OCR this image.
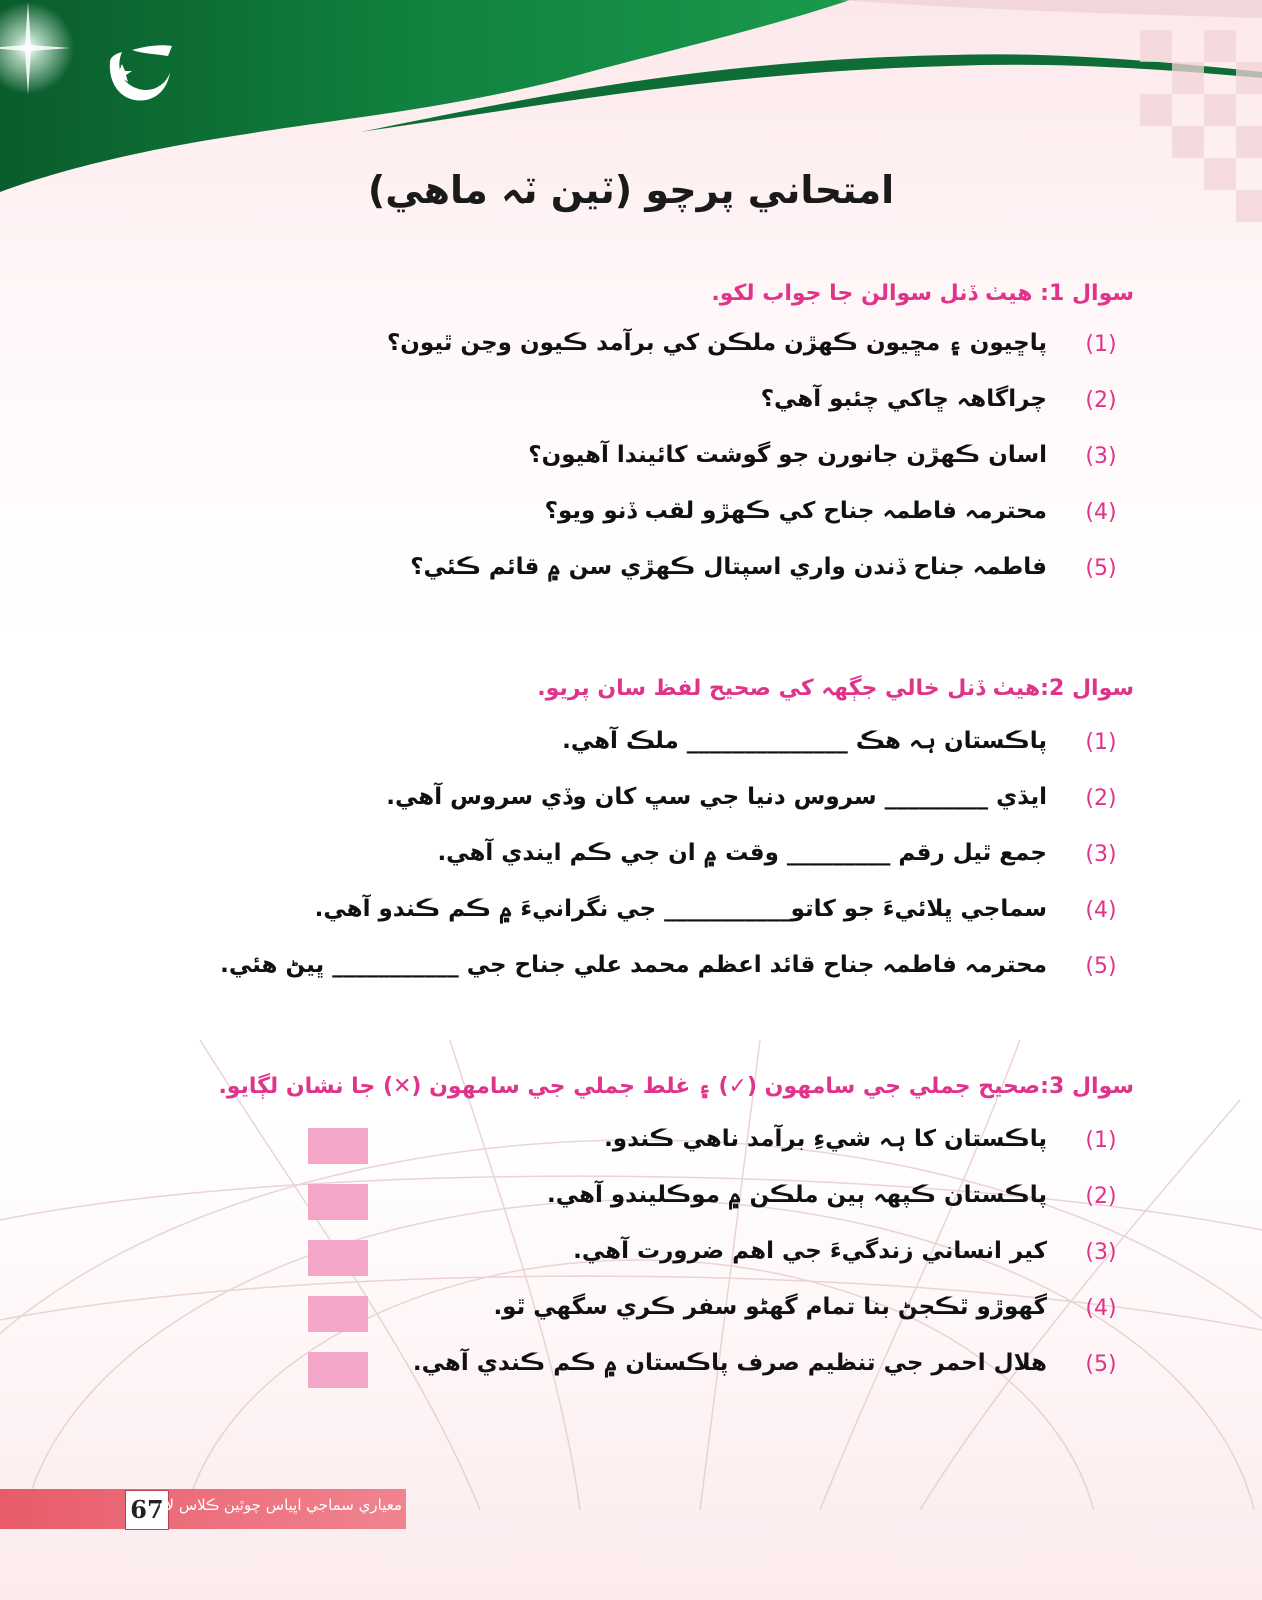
امتحاني پرچو (ٽين ٽہ ماهي)
سوال 1: هيٺ ڏنل سوالن جا جواب لکو.
(1)
پاڇيون ۽ مڇيون ڪهڙن ملڪن کي برآمد ڪيون وڃن ٿيون؟
(2)
چراگاهہ ڇاکي چئبو آهي؟
(3)
اسان ڪهڙن جانورن جو گوشت کائيندا آهيون؟
(4)
محترمہ فاطمہ جناح کي ڪهڙو لقب ڏنو ويو؟
(5)
فاطمہ جناح ڏندن واري اسپتال ڪهڙي سن ۾ قائم ڪئي؟
سوال 2:هيٺ ڏنل خالي جڳهہ کي صحيح لفظ سان پريو.
(1)
پاڪستان ہہ هڪ ______________ ملڪ آهي.
(2)
ايڌي _________ سروس دنيا جي سڀ کان وڏي سروس آهي.
(3)
جمع ٿيل رقم _________ وقت ۾ ان جي ڪم ايندي آهي.
(4)
سماجي ڀلائيءَ جو کاتو___________ جي نگرانيءَ ۾ ڪم ڪندو آهي.
(5)
محترمہ فاطمہ جناح قائد اعظم محمد علي جناح جي ___________ ڀيڻ هئي.
سوال 3:صحيح جملي جي سامهون (✓) ۽ غلط جملي جي سامهون (✕) جا نشان لڳايو.
(1)
پاڪستان کا ہہ شيءِ برآمد ناهي ڪندو.
(2)
پاڪستان ڪپهہ ٻين ملڪن ۾ موڪليندو آهي.
(3)
کير انساني زندگيءَ جي اهم ضرورت آهي.
(4)
گهوڙو ٿڪجڻ بنا تمام گهڻو سفر ڪري سگهي ٿو.
(5)
هلال احمر جي تنظيم صرف پاڪستان ۾ ڪم ڪندي آهي.
67
معياري سماجي اڀياس چوٿين ڪلاس لاءِ
